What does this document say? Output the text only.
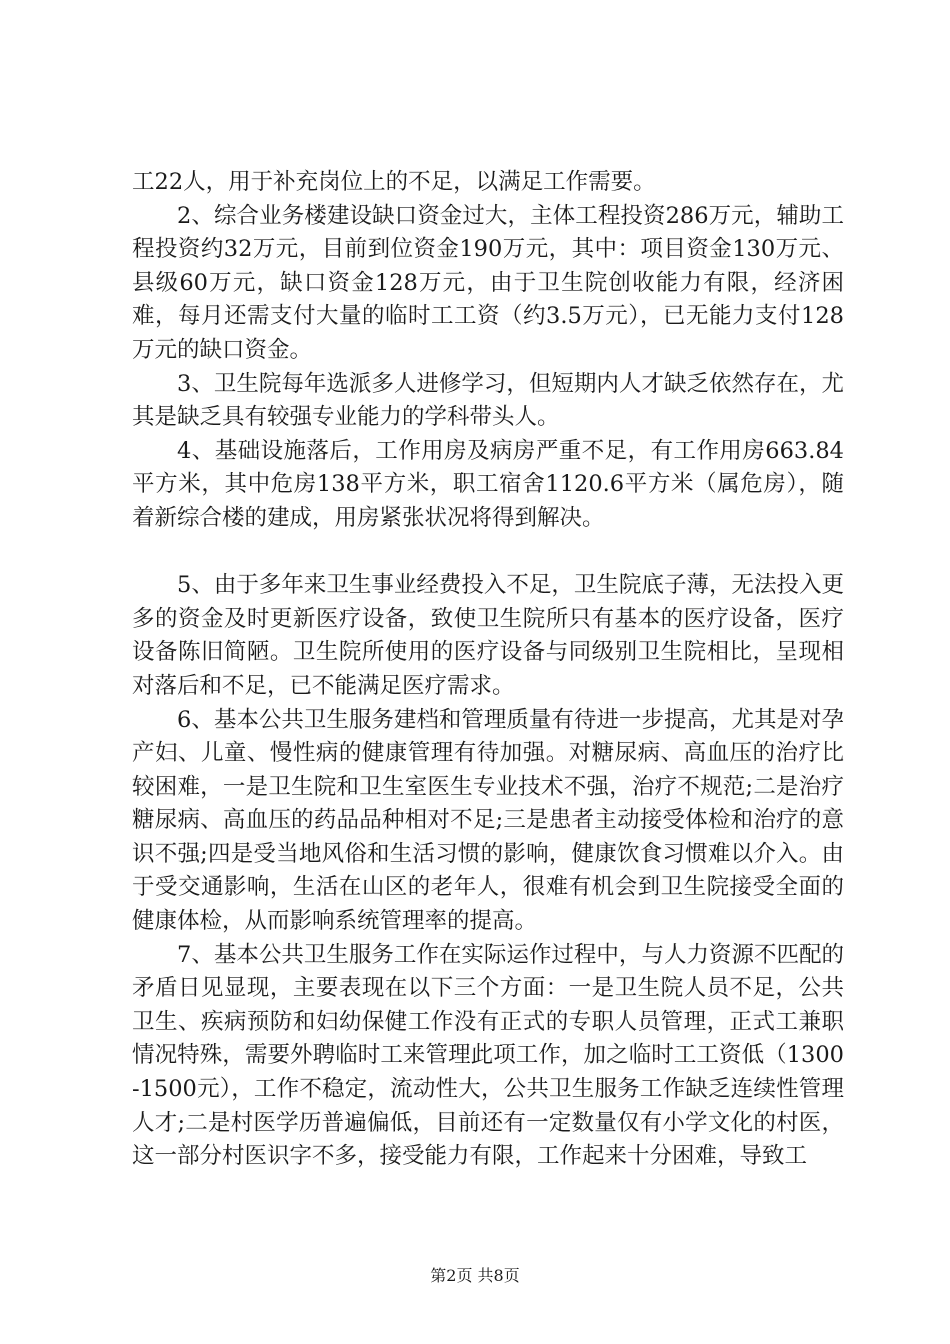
工22人，用于补充岗位上的不足，以满足工作需要。

2、综合业务楼建设缺口资金过大，主体工程投资286万元，辅助工程投资约32万元，目前到位资金190万元，其中：项目资金130万元、县级60万元，缺口资金128万元，由于卫生院创收能力有限，经济困难，每月还需支付大量的临时工工资（约3.5万元），已无能力支付128万元的缺口资金。

3、卫生院每年选派多人进修学习，但短期内人才缺乏依然存在，尤其是缺乏具有较强专业能力的学科带头人。

4、基础设施落后，工作用房及病房严重不足，有工作用房663.84平方米，其中危房138平方米，职工宿舍1120.6平方米（属危房），随着新综合楼的建成，用房紧张状况将得到解决。

5、由于多年来卫生事业经费投入不足，卫生院底子薄，无法投入更多的资金及时更新医疗设备，致使卫生院所只有基本的医疗设备，医疗设备陈旧简陋。卫生院所使用的医疗设备与同级别卫生院相比，呈现相对落后和不足，已不能满足医疗需求。

6、基本公共卫生服务建档和管理质量有待进一步提高，尤其是对孕产妇、儿童、慢性病的健康管理有待加强。对糖尿病、高血压的治疗比较困难，一是卫生院和卫生室医生专业技术不强，治疗不规范;二是治疗糖尿病、高血压的药品品种相对不足;三是患者主动接受体检和治疗的意识不强;四是受当地风俗和生活习惯的影响，健康饮食习惯难以介入。由于受交通影响，生活在山区的老年人，很难有机会到卫生院接受全面的健康体检，从而影响系统管理率的提高。

7、基本公共卫生服务工作在实际运作过程中，与人力资源不匹配的矛盾日见显现，主要表现在以下三个方面：一是卫生院人员不足，公共卫生、疾病预防和妇幼保健工作没有正式的专职人员管理，正式工兼职情况特殊，需要外聘临时工来管理此项工作，加之临时工工资低（1300-1500元），工作不稳定，流动性大，公共卫生服务工作缺乏连续性管理人才;二是村医学历普遍偏低，目前还有一定数量仅有小学文化的村医，这一部分村医识字不多，接受能力有限，工作起来十分困难，导致工

第2页 共8页
